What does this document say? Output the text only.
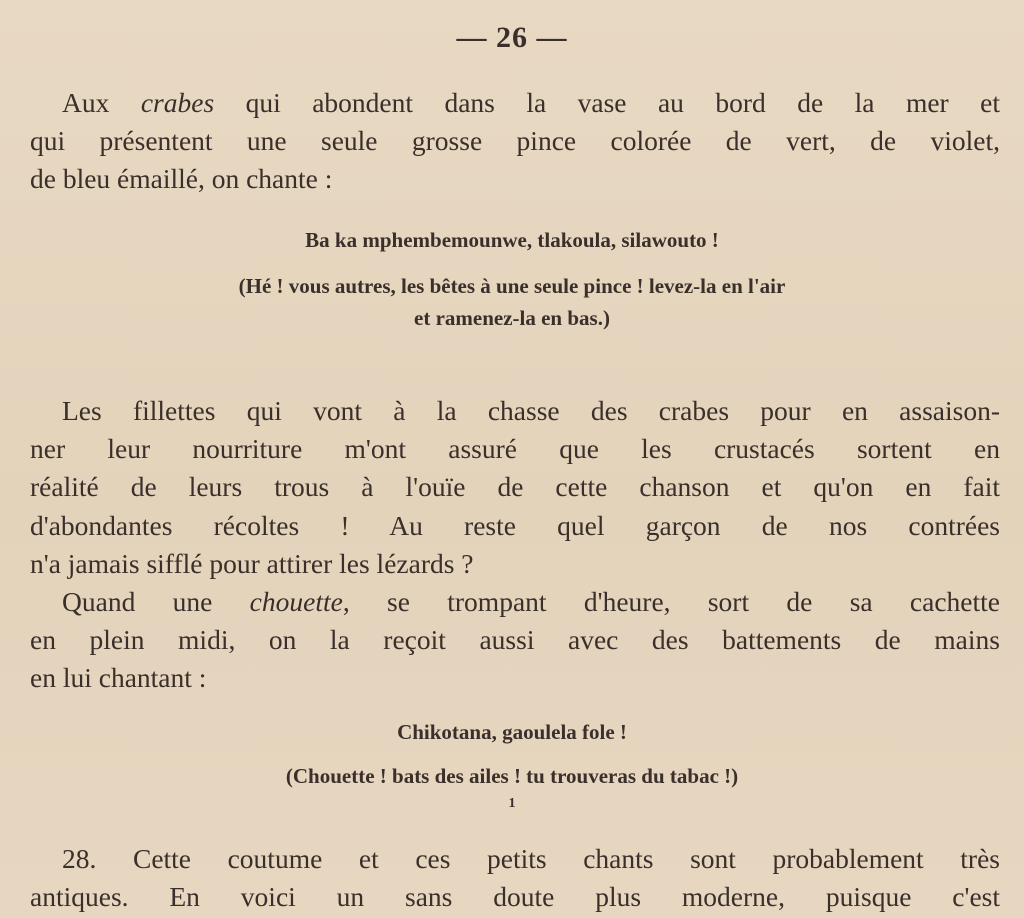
— 26 —
Aux crabes qui abondent dans la vase au bord de la mer et
qui présentent une seule grosse pince colorée de vert, de violet,
de bleu émaillé, on chante :
Ba ka mphembemounwe, tlakoula, silawouto !
(Hé ! vous autres, les bêtes à une seule pince ! levez-la en l'air
et ramenez-la en bas.)
Les fillettes qui vont à la chasse des crabes pour en assaison-
ner leur nourriture m'ont assuré que les crustacés sortent en
réalité de leurs trous à l'ouïe de cette chanson et qu'on en fait
d'abondantes récoltes ! Au reste quel garçon de nos contrées
n'a jamais sifflé pour attirer les lézards ?
Quand une chouette, se trompant d'heure, sort de sa cachette
en plein midi, on la reçoit aussi avec des battements de mains
en lui chantant :
Chikotana, gaoulela fole !
(Chouette ! bats des ailes ! tu trouveras du tabac !)
$^1$
28. Cette coutume et ces petits chants sont probablement très
antiques. En voici un sans doute plus moderne, puisque c'est
